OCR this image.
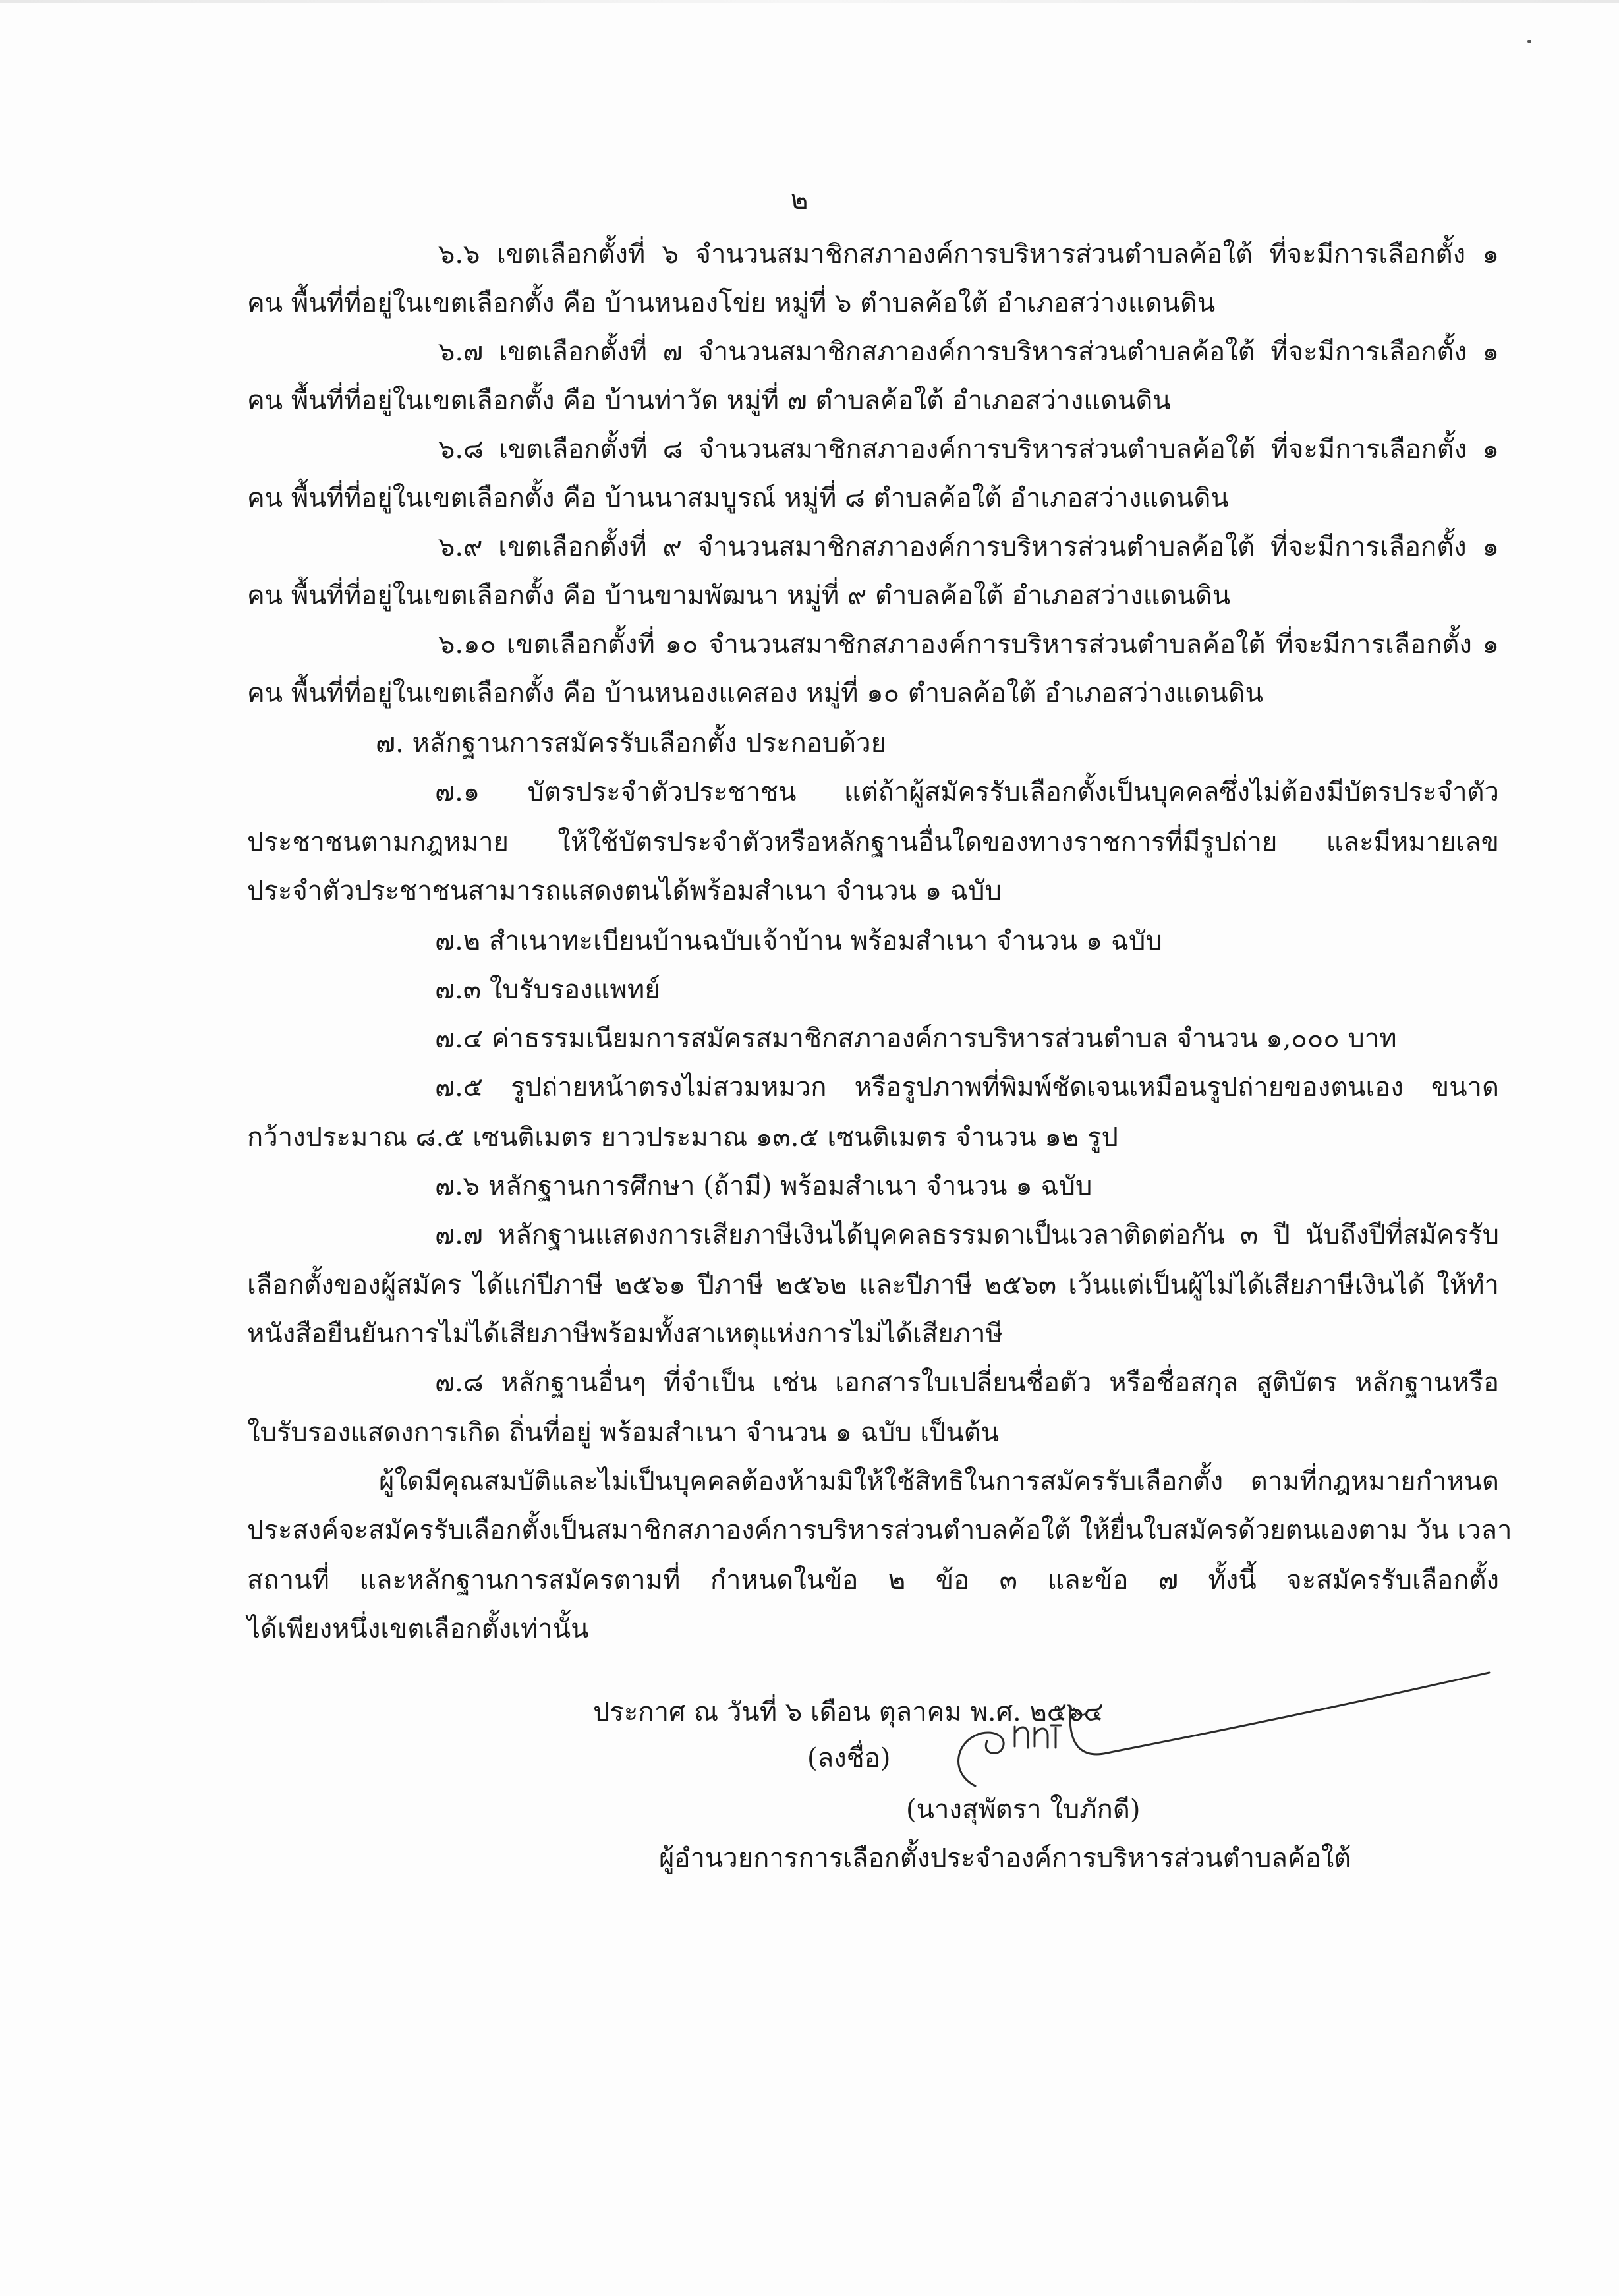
๒
๖.๖ เขตเลือกตั้งที่ ๖ จำนวนสมาชิกสภาองค์การบริหารส่วนตำบลค้อใต้ ที่จะมีการเลือกตั้ง ๑
คน พื้นที่ที่อยู่ในเขตเลือกตั้ง คือ บ้านหนองโข่ย หมู่ที่ ๖ ตำบลค้อใต้ อำเภอสว่างแดนดิน
๖.๗ เขตเลือกตั้งที่ ๗ จำนวนสมาชิกสภาองค์การบริหารส่วนตำบลค้อใต้ ที่จะมีการเลือกตั้ง ๑
คน พื้นที่ที่อยู่ในเขตเลือกตั้ง คือ บ้านท่าวัด หมู่ที่ ๗ ตำบลค้อใต้ อำเภอสว่างแดนดิน
๖.๘ เขตเลือกตั้งที่ ๘ จำนวนสมาชิกสภาองค์การบริหารส่วนตำบลค้อใต้ ที่จะมีการเลือกตั้ง ๑
คน พื้นที่ที่อยู่ในเขตเลือกตั้ง คือ บ้านนาสมบูรณ์ หมู่ที่ ๘ ตำบลค้อใต้ อำเภอสว่างแดนดิน
๖.๙ เขตเลือกตั้งที่ ๙ จำนวนสมาชิกสภาองค์การบริหารส่วนตำบลค้อใต้ ที่จะมีการเลือกตั้ง ๑
คน พื้นที่ที่อยู่ในเขตเลือกตั้ง คือ บ้านขามพัฒนา หมู่ที่ ๙ ตำบลค้อใต้ อำเภอสว่างแดนดิน
๖.๑๐ เขตเลือกตั้งที่ ๑๐ จำนวนสมาชิกสภาองค์การบริหารส่วนตำบลค้อใต้ ที่จะมีการเลือกตั้ง ๑
คน พื้นที่ที่อยู่ในเขตเลือกตั้ง คือ บ้านหนองแคสอง หมู่ที่ ๑๐ ตำบลค้อใต้ อำเภอสว่างแดนดิน
๗. หลักฐานการสมัครรับเลือกตั้ง ประกอบด้วย
๗.๑ บัตรประจำตัวประชาชน แต่ถ้าผู้สมัครรับเลือกตั้งเป็นบุคคลซึ่งไม่ต้องมีบัตรประจำตัว
ประชาชนตามกฎหมาย ให้ใช้บัตรประจำตัวหรือหลักฐานอื่นใดของทางราชการที่มีรูปถ่าย และมีหมายเลข
ประจำตัวประชาชนสามารถแสดงตนได้พร้อมสำเนา จำนวน ๑ ฉบับ
๗.๒ สำเนาทะเบียนบ้านฉบับเจ้าบ้าน พร้อมสำเนา จำนวน ๑ ฉบับ
๗.๓ ใบรับรองแพทย์
๗.๔ ค่าธรรมเนียมการสมัครสมาชิกสภาองค์การบริหารส่วนตำบล จำนวน ๑,๐๐๐ บาท
๗.๕ รูปถ่ายหน้าตรงไม่สวมหมวก หรือรูปภาพที่พิมพ์ชัดเจนเหมือนรูปถ่ายของตนเอง ขนาด
กว้างประมาณ ๘.๕ เซนติเมตร ยาวประมาณ ๑๓.๕ เซนติเมตร จำนวน ๑๒ รูป
๗.๖ หลักฐานการศึกษา (ถ้ามี) พร้อมสำเนา จำนวน ๑ ฉบับ
๗.๗ หลักฐานแสดงการเสียภาษีเงินได้บุคคลธรรมดาเป็นเวลาติดต่อกัน ๓ ปี นับถึงปีที่สมัครรับ
เลือกตั้งของผู้สมัคร ได้แก่ปีภาษี ๒๕๖๑ ปีภาษี ๒๕๖๒ และปีภาษี ๒๕๖๓ เว้นแต่เป็นผู้ไม่ได้เสียภาษีเงินได้ ให้ทำ
หนังสือยืนยันการไม่ได้เสียภาษีพร้อมทั้งสาเหตุแห่งการไม่ได้เสียภาษี
๗.๘ หลักฐานอื่นๆ ที่จำเป็น เช่น เอกสารใบเปลี่ยนชื่อตัว หรือชื่อสกุล สูติบัตร หลักฐานหรือ
ใบรับรองแสดงการเกิด ถิ่นที่อยู่ พร้อมสำเนา จำนวน ๑ ฉบับ เป็นต้น
ผู้ใดมีคุณสมบัติและไม่เป็นบุคคลต้องห้ามมิให้ใช้สิทธิในการสมัครรับเลือกตั้ง ตามที่กฎหมายกำหนด
ประสงค์จะสมัครรับเลือกตั้งเป็นสมาชิกสภาองค์การบริหารส่วนตำบลค้อใต้ ให้ยื่นใบสมัครด้วยตนเองตาม วัน เวลา
สถานที่ และหลักฐานการสมัครตามที่ กำหนดในข้อ ๒ ข้อ ๓ และข้อ ๗ ทั้งนี้ จะสมัครรับเลือกตั้ง
ได้เพียงหนึ่งเขตเลือกตั้งเท่านั้น
ประกาศ ณ วันที่ ๖ เดือน ตุลาคม พ.ศ. ๒๕๖๔
(ลงชื่อ)
(นางสุพัตรา ใบภักดี)
ผู้อำนวยการการเลือกตั้งประจำองค์การบริหารส่วนตำบลค้อใต้
